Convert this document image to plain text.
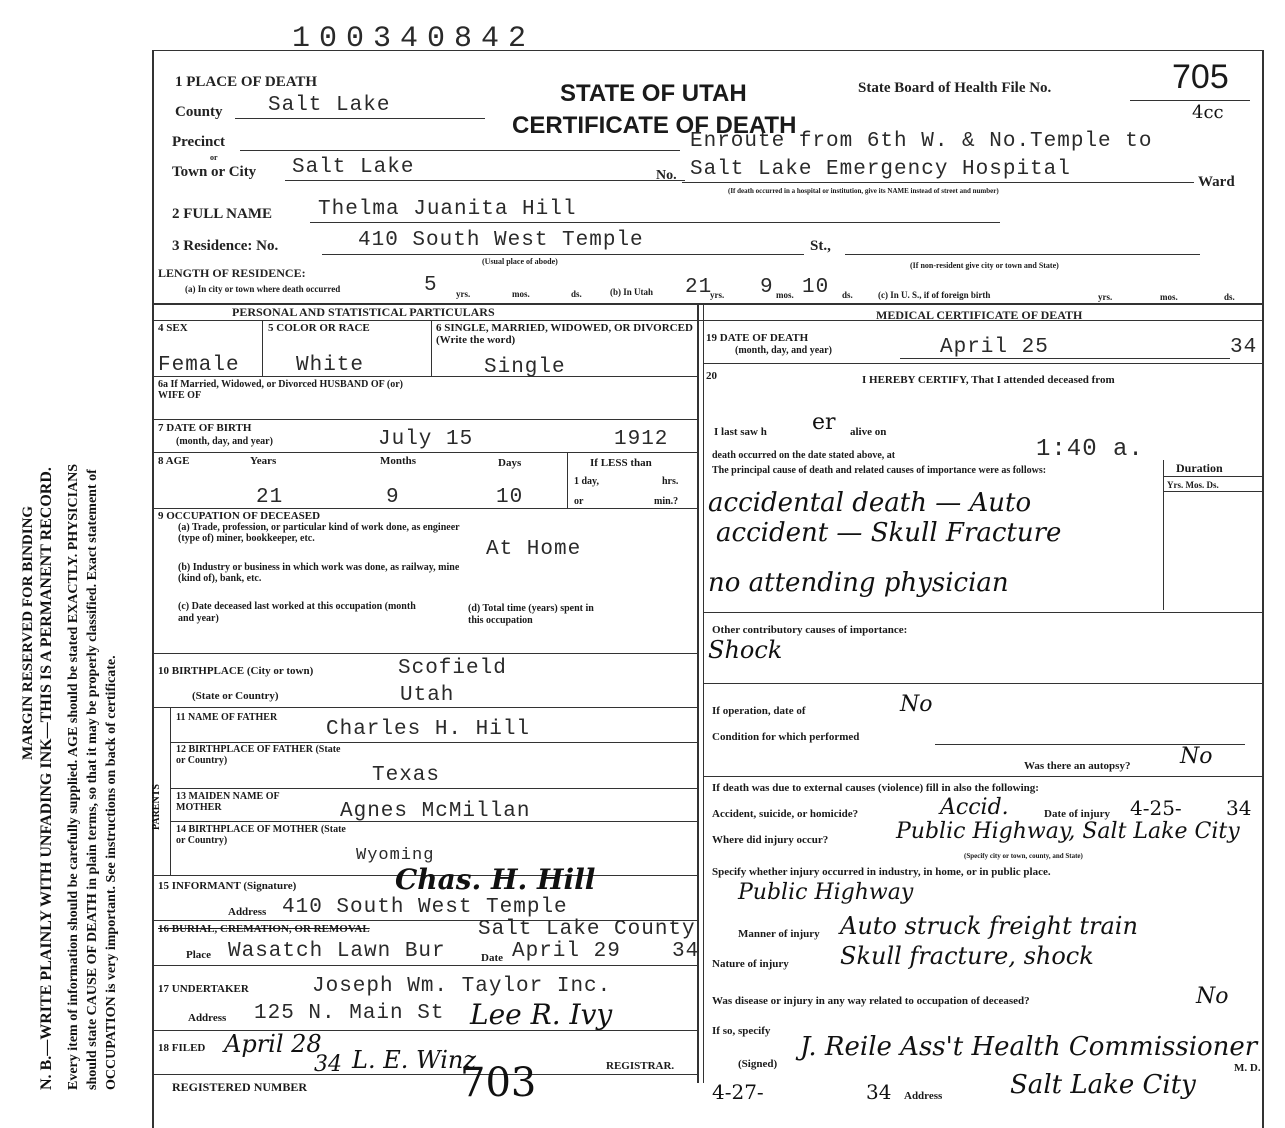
N. B.—WRITE PLAINLY WITH UNFADING INK—THIS IS A PERMANENT RECORD. Every item of information should be carefully supplied. AGE should be stated EXACTLY. PHYSICIANS should state CAUSE OF DEATH in plain terms, so that it may be properly classified. Exact statement of OCCUPATION is very important. See instructions on back of certificate.
MARGIN RESERVED FOR BINDING
100340842
STATE OF UTAH
CERTIFICATE OF DEATH
State Board of Health File No.	705
4cc
1 PLACE OF DEATH
County Salt Lake
Precinct
or
Town or City Salt Lake
Enroute from 6th W. & No.Temple to
No. Salt Lake Emergency Hospital
Ward
(If death occurred in a hospital or institution, give its NAME instead of street and number)
2 FULL NAME Thelma Juanita Hill
3 Residence: No.	410 South West Temple	St.,
(Usual place of abode)	(If non-resident give city or town and State)
LENGTH OF RESIDENCE:
(a) In city or town where death occurred	5 yrs.	mos.	ds.	(b) In Utah 21
yrs. 9 mos. 10 ds.	(c) In U. S., if of foreign birth	yrs.	mos.	ds.
PERSONAL AND STATISTICAL PARTICULARS	MEDICAL CERTIFICATE OF DEATH
4 SEX	5 COLOR OR RACE	6 SINGLE, MARRIED, WIDOWED, OR DIVORCED (Write the word)
Female	White	Single
6a If Married, Widowed, or Divorced HUSBAND OF (or) WIFE OF
7 DATE OF BIRTH
(month, day, and year)	July 15	1912
8 AGE	Years	Months	Days	If LESS than
1 day,	hrs.
or	min.?
21	9	10
9 OCCUPATION OF DECEASED
(a) Trade, profession, or particular kind of work done, as engineer (type of) miner, bookkeeper, etc.	At Home
(b) Industry or business in which work was done, as railway, mine (kind of), bank, etc.
(c) Date deceased last worked at this occupation (month and year)
(d) Total time (years) spent in this occupation
10 BIRTHPLACE (City or town)	Scofield
(State or Country)	Utah
PARENTS
11 NAME OF FATHER
Charles H. Hill
12 BIRTHPLACE OF FATHER (State or Country)
Texas
13 MAIDEN NAME OF MOTHER	Agnes McMillan
14 BIRTHPLACE OF MOTHER (State or Country)
Wyoming
15 INFORMANT (Signature)	Chas. H. Hill
Address 410 South West Temple
16 BURIAL, CREMATION, OR REMOVAL	Salt Lake County
Place Wasatch Lawn Bur	Date April 29 34
17 UNDERTAKER	Joseph Wm. Taylor Inc.
Address 125 N. Main St Lee R. Ivy
18 FILED April 28
34 L. E. Winz	REGISTRAR.
REGISTERED NUMBER	703
19 DATE OF DEATH
(month, day, and year)	April 25	34
20	I HEREBY CERTIFY, That I attended deceased from
I last saw h er alive on
death occurred on the date stated above, at	1:40 a.
The principal cause of death and related causes of importance were as follows:	Duration
Yrs. Mos. Ds.
accidental death — Auto
accident — Skull Fracture
no attending physician
Other contributory causes of importance:
Shock
If operation, date of	No
Condition for which performed
Was there an autopsy? No
If death was due to external causes (violence) fill in also the following:
Accident, suicide, or homicide?	Accid.	Date of injury 4-25- 34
Where did injury occur?	Public Highway, Salt Lake City
(Specify city or town, county, and State)
Specify whether injury occurred in industry, in home, or in public place.
Public Highway
Manner of injury Auto struck freight train
Nature of injury Skull fracture, shock
Was disease or injury in any way related to occupation of deceased?	No
If so, specify
(Signed)
J. Reile Ass't Health Commissioner
M. D.
4-27-	34 Address	Salt Lake City
